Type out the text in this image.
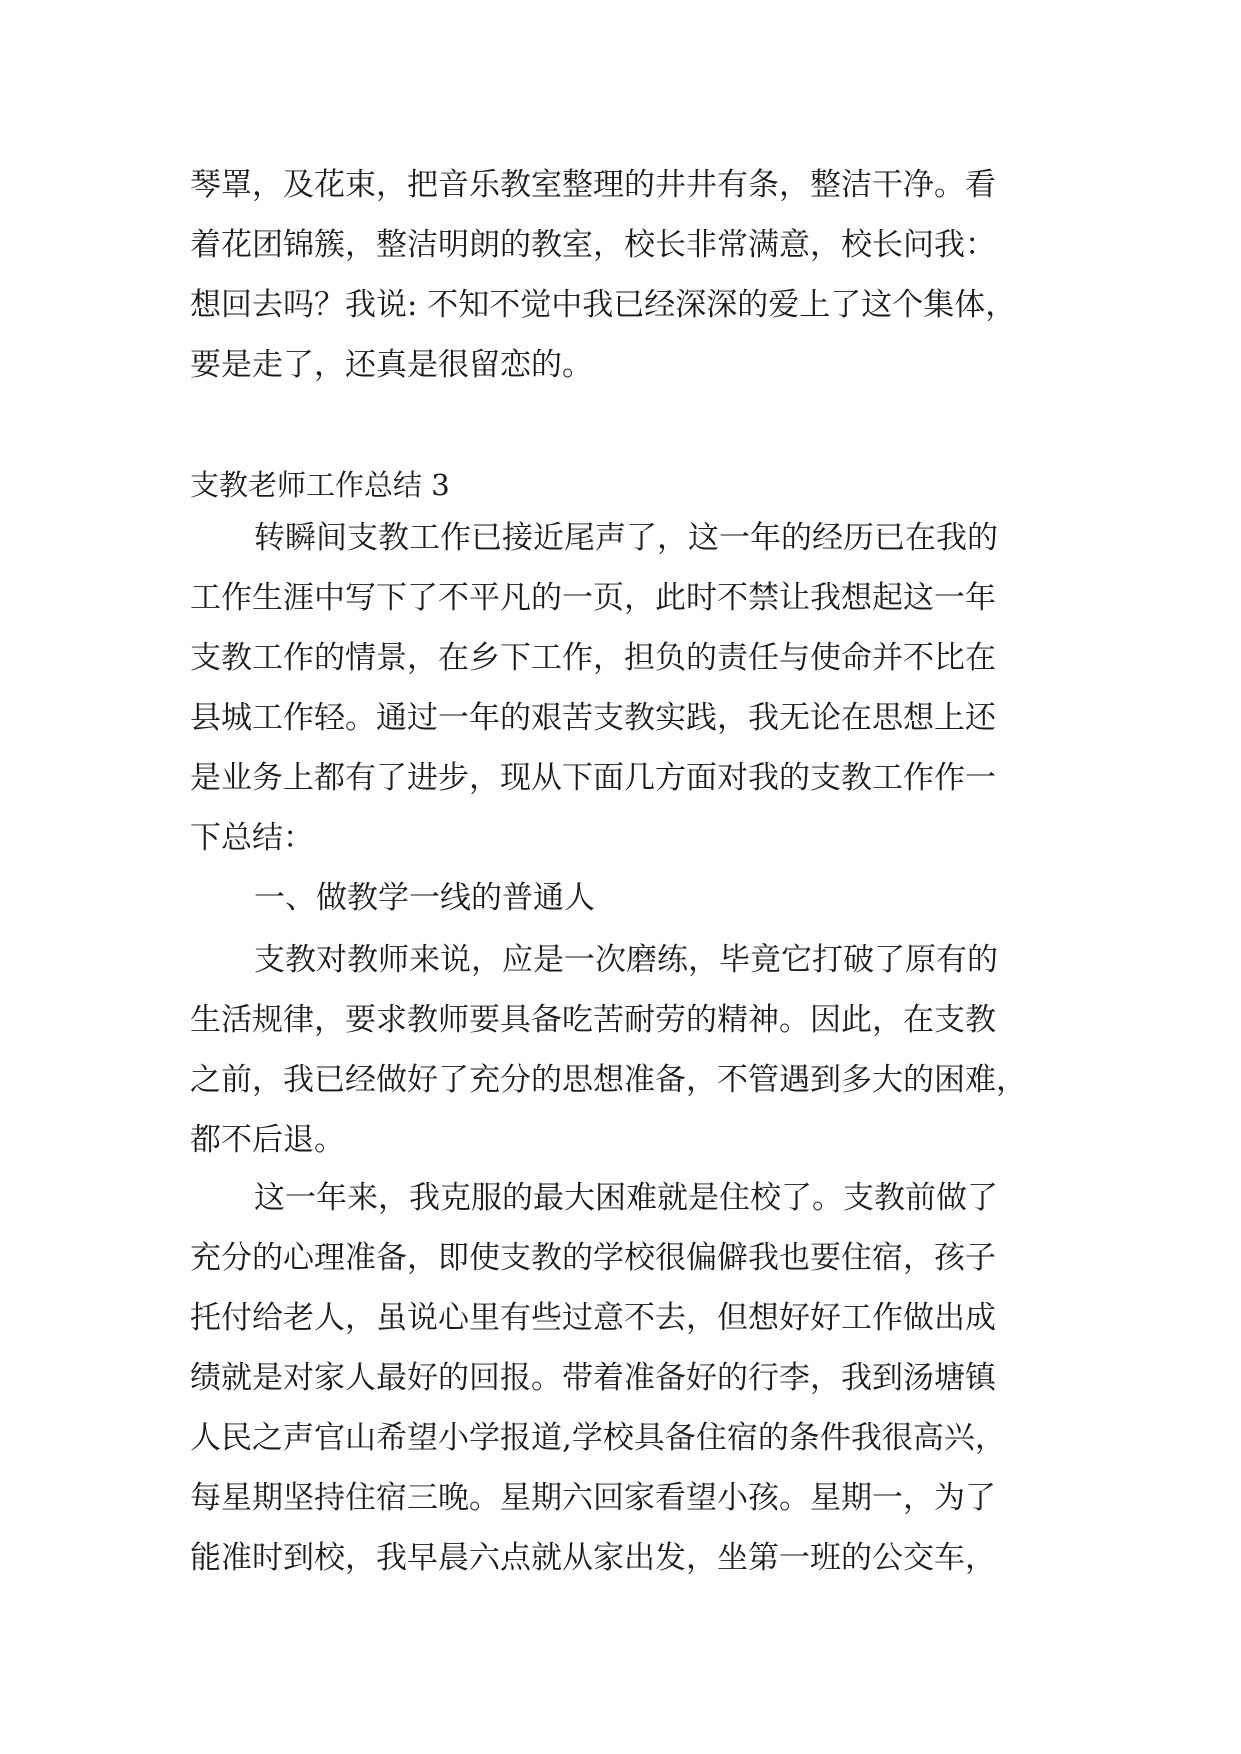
琴罩，及花束，把音乐教室整理的井井有条，整洁干净。看
着花团锦簇，整洁明朗的教室，校长非常满意，校长问我：
想回去吗？我说: 不知不觉中我已经深深的爱上了这个集体，
要是走了，还真是很留恋的。
支教老师工作总结 3
转瞬间支教工作已接近尾声了，这一年的经历已在我的
工作生涯中写下了不平凡的一页，此时不禁让我想起这一年
支教工作的情景，在乡下工作，担负的责任与使命并不比在
县城工作轻。通过一年的艰苦支教实践，我无论在思想上还
是业务上都有了进步，现从下面几方面对我的支教工作作一
下总结：
一、做教学一线的普通人
支教对教师来说，应是一次磨练，毕竟它打破了原有的
生活规律，要求教师要具备吃苦耐劳的精神。因此，在支教
之前，我已经做好了充分的思想准备，不管遇到多大的困难，
都不后退。
这一年来，我克服的最大困难就是住校了。支教前做了
充分的心理准备，即使支教的学校很偏僻我也要住宿，孩子
托付给老人，虽说心里有些过意不去，但想好好工作做出成
绩就是对家人最好的回报。带着准备好的行李，我到汤塘镇
人民之声官山希望小学报道,学校具备住宿的条件我很高兴，
每星期坚持住宿三晚。星期六回家看望小孩。星期一，为了
能准时到校，我早晨六点就从家出发，坐第一班的公交车，
